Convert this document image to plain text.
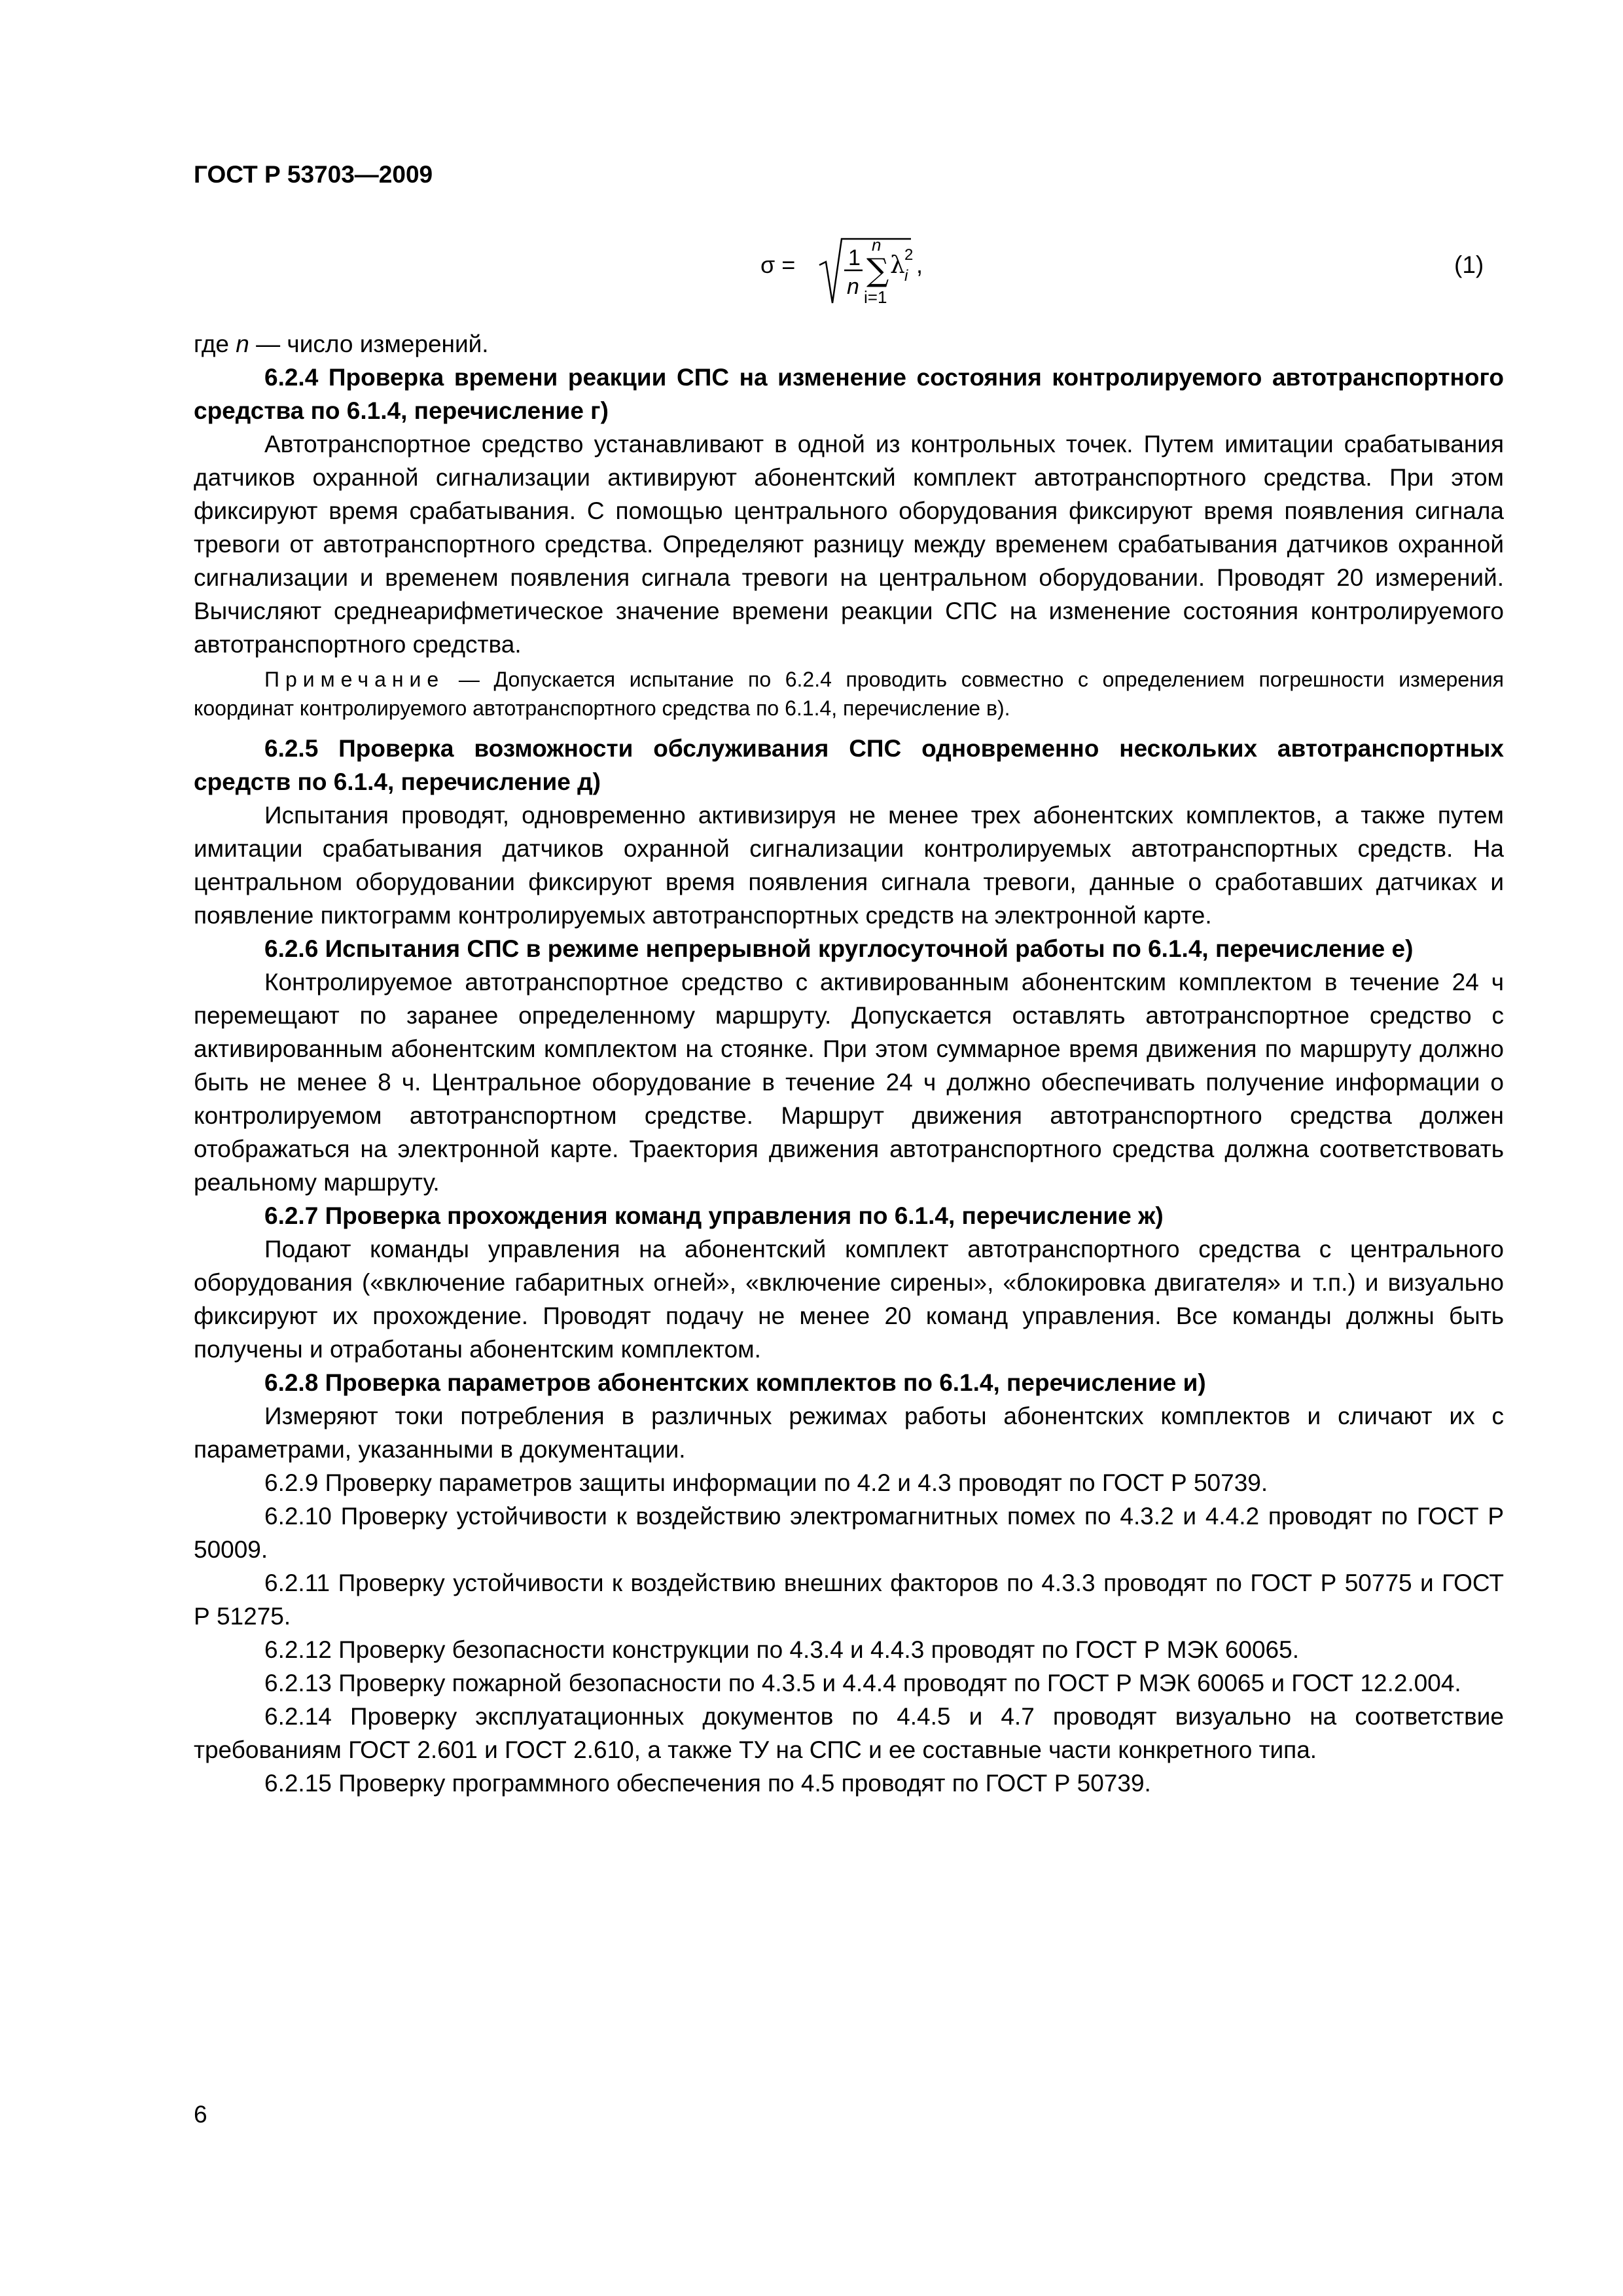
ГОСТ Р 53703—2009
σ = 1
n
n
∑
i=1
λ 2
i ,	(1)

где n — число измерений.

6.2.4 Проверка времени реакции СПС на изменение состояния контролируемого автотранспортного средства по 6.1.4, перечисление г)

Автотранспортное средство устанавливают в одной из контрольных точек. Путем имитации срабатывания датчиков охранной сигнализации активируют абонентский комплект автотранспортного средства. При этом фиксируют время срабатывания. С помощью центрального оборудования фиксируют время появления сигнала тревоги от автотранспортного средства. Определяют разницу между временем срабатывания датчиков охранной сигнализации и временем появления сигнала тревоги на центральном оборудовании. Проводят 20 измерений. Вычисляют среднеарифметическое значение времени реакции СПС на изменение состояния контролируемого автотранспортного средства.

Примечание — Допускается испытание по 6.2.4 проводить совместно с определением погрешности измерения координат контролируемого автотранспортного средства по 6.1.4, перечисление в).

6.2.5 Проверка возможности обслуживания СПС одновременно нескольких автотранспортных средств по 6.1.4, перечисление д)

Испытания проводят, одновременно активизируя не менее трех абонентских комплектов, а также путем имитации срабатывания датчиков охранной сигнализации контролируемых автотранспортных средств. На центральном оборудовании фиксируют время появления сигнала тревоги, данные о сработавших датчиках и появление пиктограмм контролируемых автотранспортных средств на электронной карте.

6.2.6 Испытания СПС в режиме непрерывной круглосуточной работы по 6.1.4, перечисление е)

Контролируемое автотранспортное средство с активированным абонентским комплектом в течение 24 ч перемещают по заранее определенному маршруту. Допускается оставлять автотранспортное средство с активированным абонентским комплектом на стоянке. При этом суммарное время движения по маршруту должно быть не менее 8 ч. Центральное оборудование в течение 24 ч должно обеспечивать получение информации о контролируемом автотранспортном средстве. Маршрут движения автотранспортного средства должен отображаться на электронной карте. Траектория движения автотранспортного средства должна соответствовать реальному маршруту.

6.2.7 Проверка прохождения команд управления по 6.1.4, перечисление ж)

Подают команды управления на абонентский комплект автотранспортного средства с центрального оборудования («включение габаритных огней», «включение сирены», «блокировка двигателя» и т.п.) и визуально фиксируют их прохождение. Проводят подачу не менее 20 команд управления. Все команды должны быть получены и отработаны абонентским комплектом.

6.2.8 Проверка параметров абонентских комплектов по 6.1.4, перечисление и)

Измеряют токи потребления в различных режимах работы абонентских комплектов и сличают их с параметрами, указанными в документации.

6.2.9 Проверку параметров защиты информации по 4.2 и 4.3 проводят по ГОСТ Р 50739.

6.2.10 Проверку устойчивости к воздействию электромагнитных помех по 4.3.2 и 4.4.2 проводят по ГОСТ Р 50009.

6.2.11 Проверку устойчивости к воздействию внешних факторов по 4.3.3 проводят по ГОСТ Р 50775 и ГОСТ Р 51275.

6.2.12 Проверку безопасности конструкции по 4.3.4 и 4.4.3 проводят по ГОСТ Р МЭК 60065.

6.2.13 Проверку пожарной безопасности по 4.3.5 и 4.4.4 проводят по ГОСТ Р МЭК 60065 и ГОСТ 12.2.004.

6.2.14 Проверку эксплуатационных документов по 4.4.5 и 4.7 проводят визуально на соответствие требованиям ГОСТ 2.601 и ГОСТ 2.610, а также ТУ на СПС и ее составные части конкретного типа.

6.2.15 Проверку программного обеспечения по 4.5 проводят по ГОСТ Р 50739.

6
